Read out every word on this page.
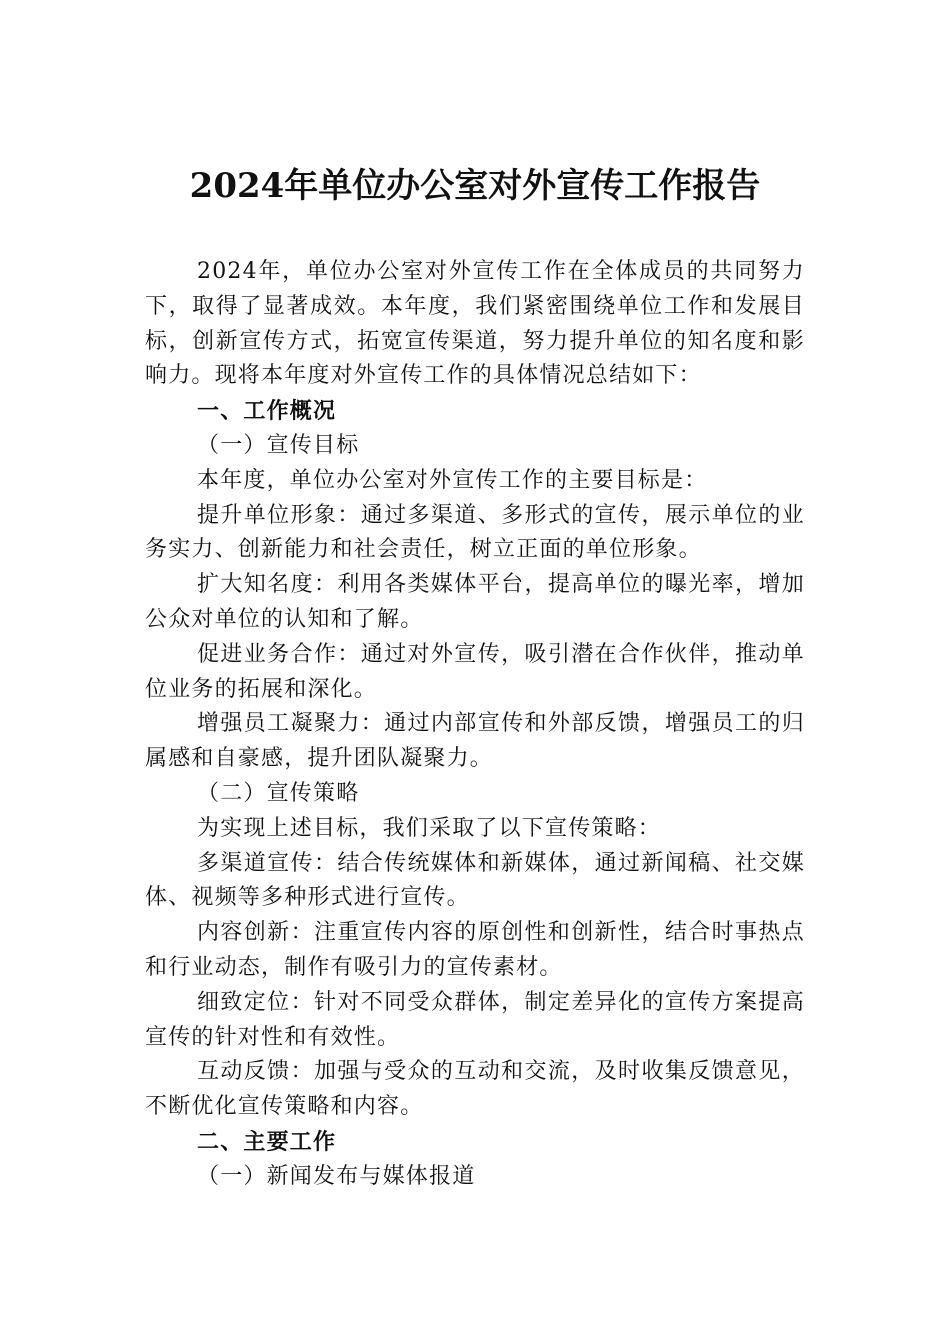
2024年单位办公室对外宣传工作报告

2024年，单位办公室对外宣传工作在全体成员的共同努力下，取得了显著成效。本年度，我们紧密围绕单位工作和发展目标，创新宣传方式，拓宽宣传渠道，努力提升单位的知名度和影响力。现将本年度对外宣传工作的具体情况总结如下：

一、工作概况

（一）宣传目标

本年度，单位办公室对外宣传工作的主要目标是：

提升单位形象：通过多渠道、多形式的宣传，展示单位的业务实力、创新能力和社会责任，树立正面的单位形象。

扩大知名度：利用各类媒体平台，提高单位的曝光率，增加公众对单位的认知和了解。

促进业务合作：通过对外宣传，吸引潜在合作伙伴，推动单位业务的拓展和深化。

增强员工凝聚力：通过内部宣传和外部反馈，增强员工的归属感和自豪感，提升团队凝聚力。

（二）宣传策略

为实现上述目标，我们采取了以下宣传策略：

多渠道宣传：结合传统媒体和新媒体，通过新闻稿、社交媒体、视频等多种形式进行宣传。

内容创新：注重宣传内容的原创性和创新性，结合时事热点和行业动态，制作有吸引力的宣传素材。

细致定位：针对不同受众群体，制定差异化的宣传方案提高宣传的针对性和有效性。

互动反馈：加强与受众的互动和交流，及时收集反馈意见，不断优化宣传策略和内容。

二、主要工作

（一）新闻发布与媒体报道
